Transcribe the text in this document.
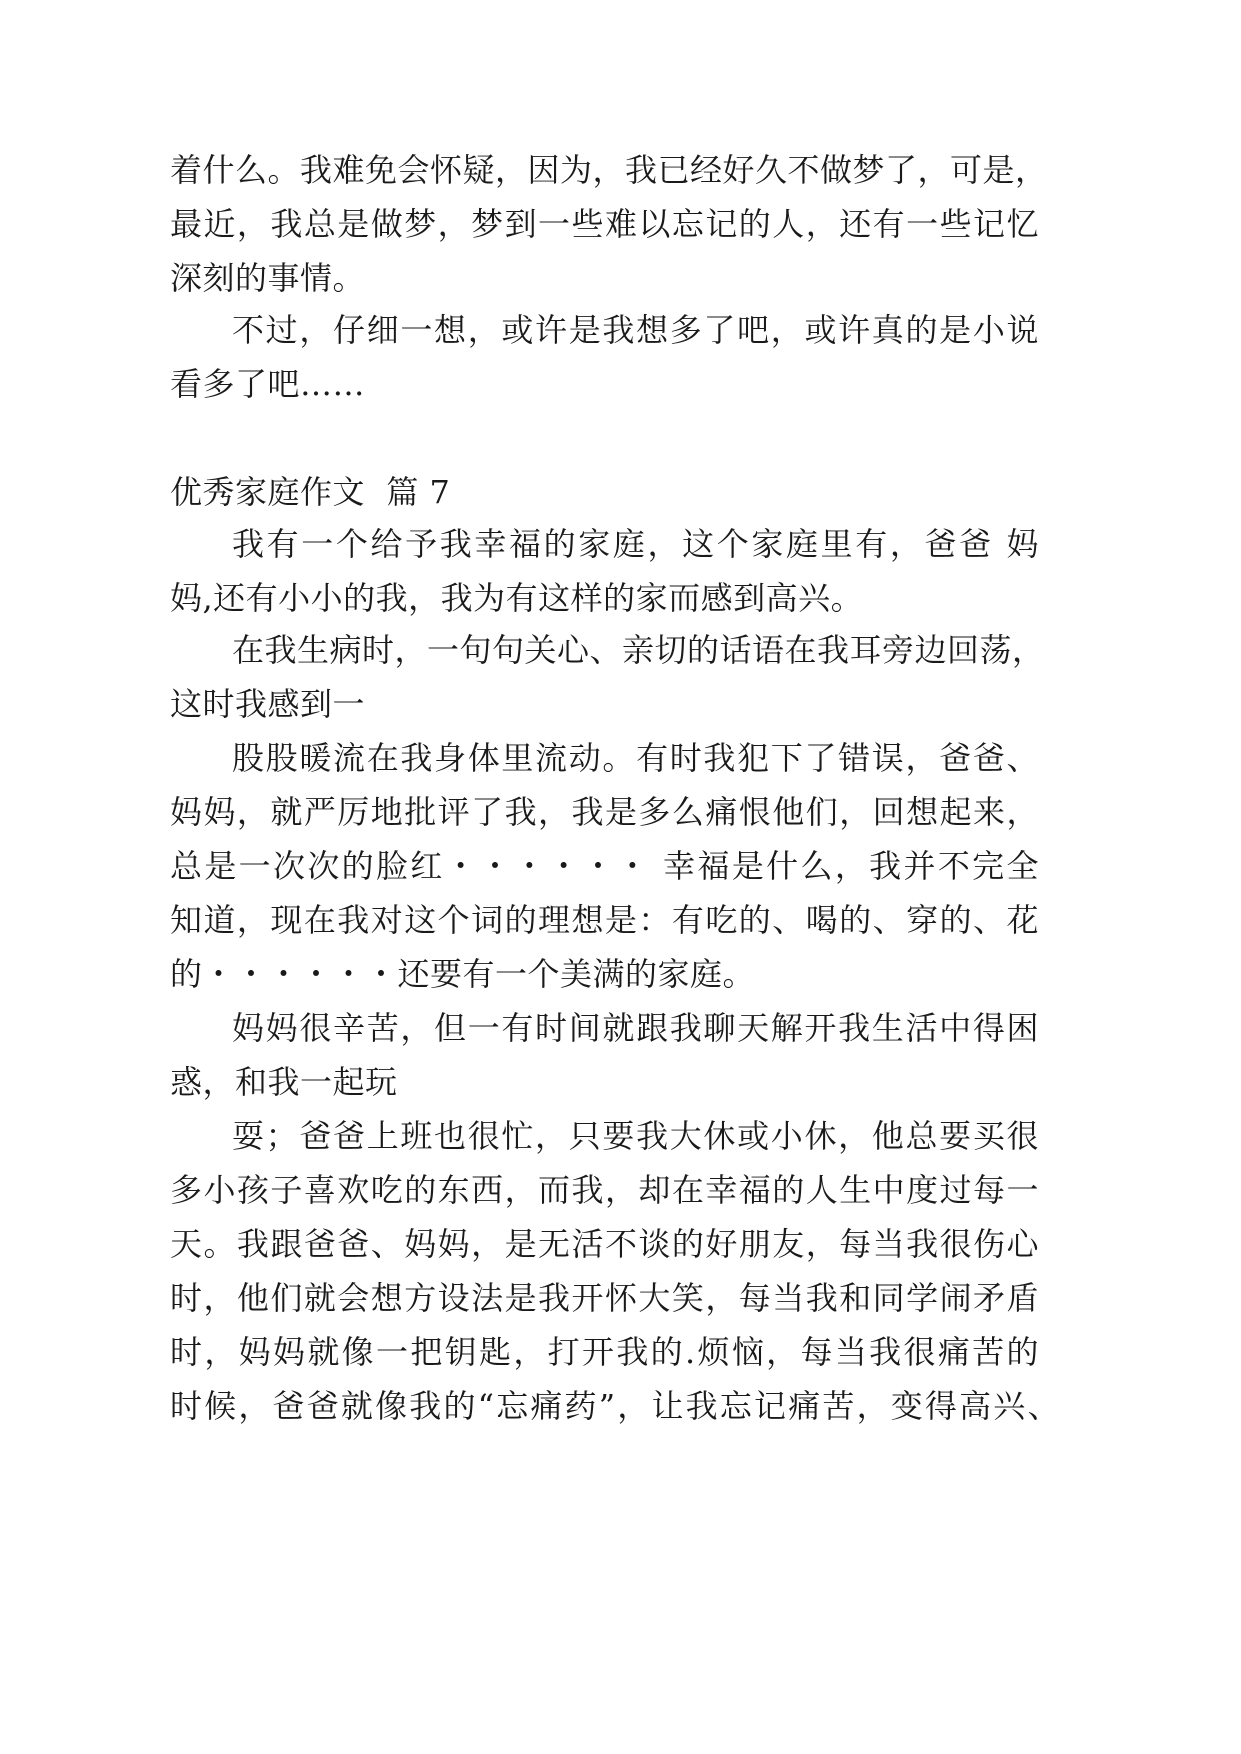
着什么。我难免会怀疑，因为，我已经好久不做梦了，可是，
最近，我总是做梦，梦到一些难以忘记的人，还有一些记忆
深刻的事情。
不过，仔细一想，或许是我想多了吧，或许真的是小说
看多了吧……
优秀家庭作文  篇 7
我有一个给予我幸福的家庭，这个家庭里有，爸爸 妈
妈,还有小小的我，我为有这样的家而感到高兴。
在我生病时，一句句关心、亲切的话语在我耳旁边回荡，
这时我感到一
股股暖流在我身体里流动。有时我犯下了错误，爸爸、
妈妈，就严厉地批评了我，我是多么痛恨他们，回想起来，
总是一次次的脸红・・・・・・ 幸福是什么，我并不完全
知道，现在我对这个词的理想是：有吃的、喝的、穿的、花
的・・・・・・还要有一个美满的家庭。
妈妈很辛苦，但一有时间就跟我聊天解开我生活中得困
惑，和我一起玩
耍；爸爸上班也很忙，只要我大休或小休，他总要买很
多小孩子喜欢吃的东西，而我，却在幸福的人生中度过每一
天。我跟爸爸、妈妈，是无活不谈的好朋友，每当我很伤心
时，他们就会想方设法是我开怀大笑，每当我和同学闹矛盾
时，妈妈就像一把钥匙，打开我的.烦恼，每当我很痛苦的
时候，爸爸就像我的“忘痛药”，让我忘记痛苦，变得高兴、
